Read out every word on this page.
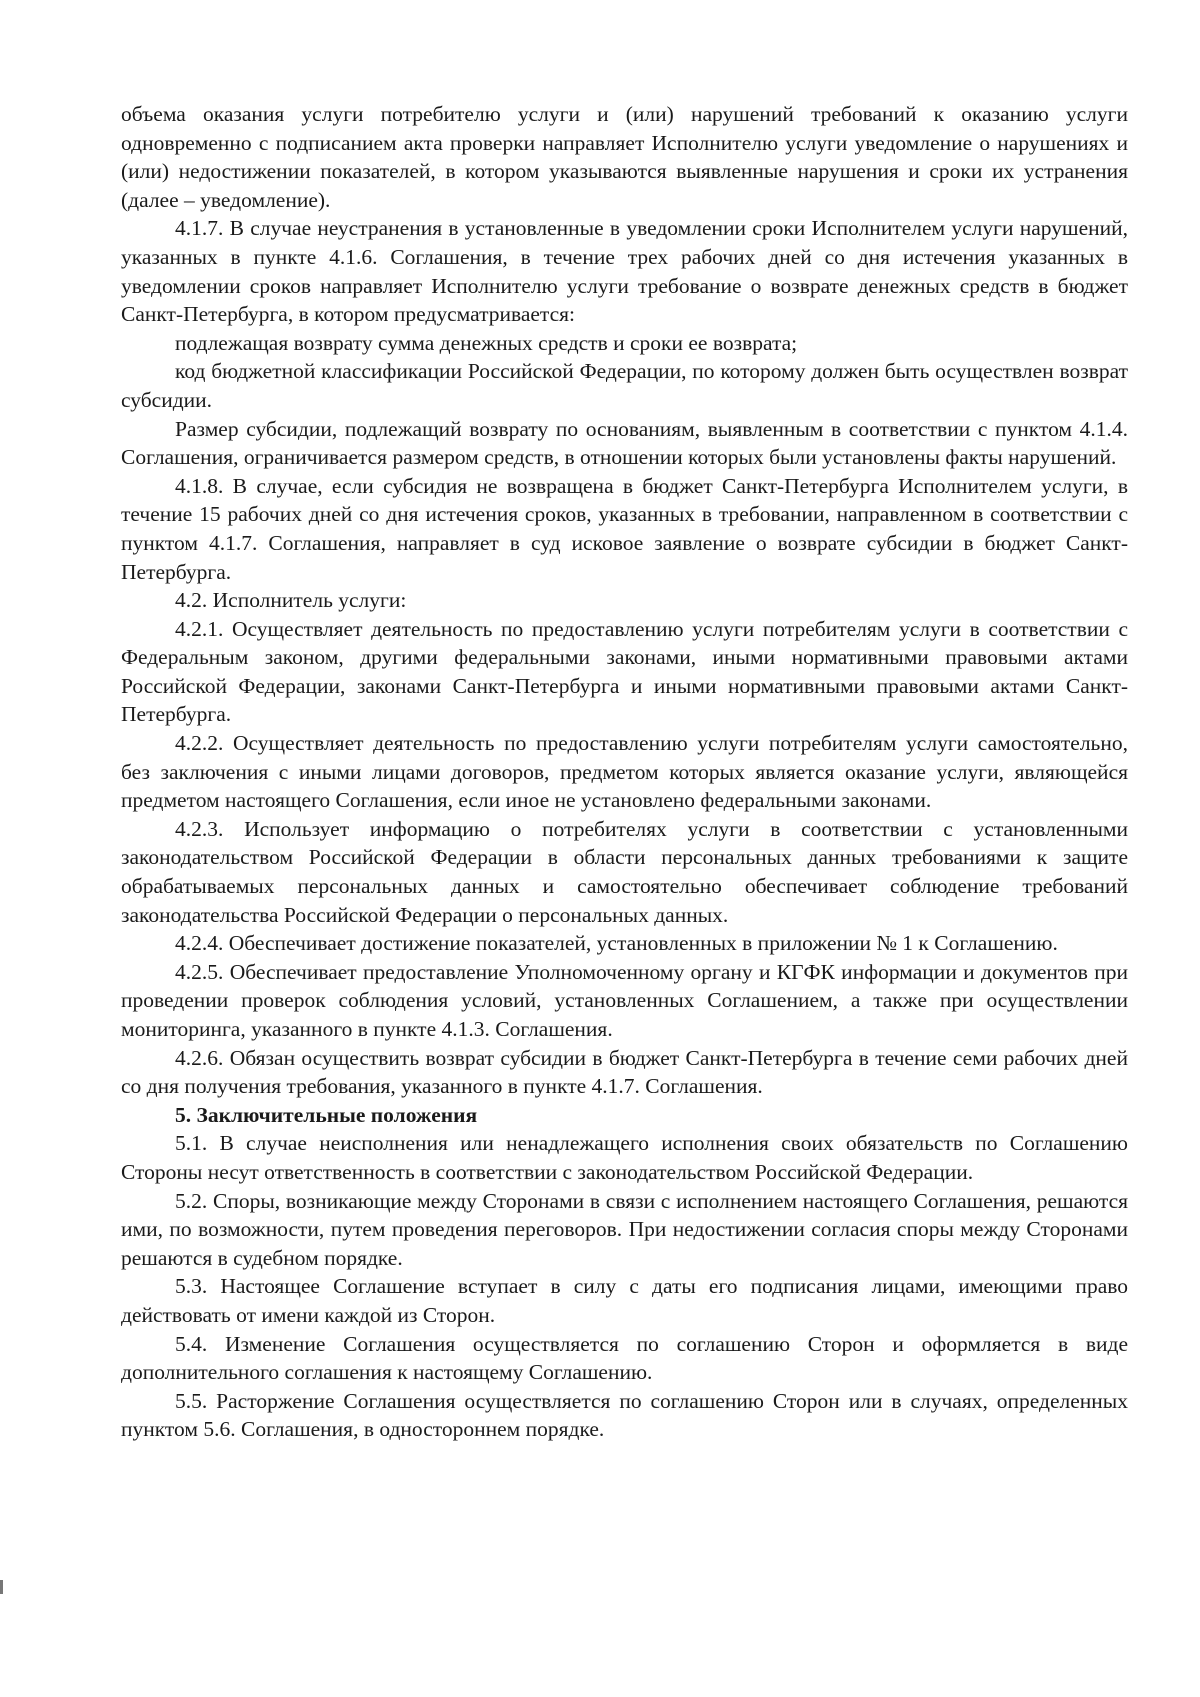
объема оказания услуги потребителю услуги и (или) нарушений требований к оказанию услуги одновременно с подписанием акта проверки направляет Исполнителю услуги уведомление о нарушениях и (или) недостижении показателей, в котором указываются выявленные нарушения и сроки их устранения (далее – уведомление).

4.1.7. В случае неустранения в установленные в уведомлении сроки Исполнителем услуги нарушений, указанных в пункте 4.1.6. Соглашения, в течение трех рабочих дней со дня истечения указанных в уведомлении сроков направляет Исполнителю услуги требование о возврате денежных средств в бюджет Санкт-Петербурга, в котором предусматривается:

подлежащая возврату сумма денежных средств и сроки ее возврата;

код бюджетной классификации Российской Федерации, по которому должен быть осуществлен возврат субсидии.

Размер субсидии, подлежащий возврату по основаниям, выявленным в соответствии с пунктом 4.1.4. Соглашения, ограничивается размером средств, в отношении которых были установлены факты нарушений.

4.1.8. В случае, если субсидия не возвращена в бюджет Санкт-Петербурга Исполнителем услуги, в течение 15 рабочих дней со дня истечения сроков, указанных в требовании, направленном в соответствии с пунктом 4.1.7. Соглашения, направляет в суд исковое заявление о возврате субсидии в бюджет Санкт-Петербурга.

4.2. Исполнитель услуги:

4.2.1. Осуществляет деятельность по предоставлению услуги потребителям услуги в соответствии с Федеральным законом, другими федеральными законами, иными нормативными правовыми актами Российской Федерации, законами Санкт-Петербурга и иными нормативными правовыми актами Санкт-Петербурга.

4.2.2. Осуществляет деятельность по предоставлению услуги потребителям услуги самостоятельно, без заключения с иными лицами договоров, предметом которых является оказание услуги, являющейся предметом настоящего Соглашения, если иное не установлено федеральными законами.

4.2.3. Использует информацию о потребителях услуги в соответствии с установленными законодательством Российской Федерации в области персональных данных требованиями к защите обрабатываемых персональных данных и самостоятельно обеспечивает соблюдение требований законодательства Российской Федерации о персональных данных.

4.2.4. Обеспечивает достижение показателей, установленных в приложении № 1 к Соглашению.

4.2.5. Обеспечивает предоставление Уполномоченному органу и КГФК информации и документов при проведении проверок соблюдения условий, установленных Соглашением, а также при осуществлении мониторинга, указанного в пункте 4.1.3. Соглашения.

4.2.6. Обязан осуществить возврат субсидии в бюджет Санкт-Петербурга в течение семи рабочих дней со дня получения требования, указанного в пункте 4.1.7. Соглашения.

5. Заключительные положения

5.1. В случае неисполнения или ненадлежащего исполнения своих обязательств по Соглашению Стороны несут ответственность в соответствии с законодательством Российской Федерации.

5.2. Споры, возникающие между Сторонами в связи с исполнением настоящего Соглашения, решаются ими, по возможности, путем проведения переговоров. При недостижении согласия споры между Сторонами решаются в судебном порядке.

5.3. Настоящее Соглашение вступает в силу с даты его подписания лицами, имеющими право действовать от имени каждой из Сторон.

5.4. Изменение Соглашения осуществляется по соглашению Сторон и оформляется в виде дополнительного соглашения к настоящему Соглашению.

5.5. Расторжение Соглашения осуществляется по соглашению Сторон или в случаях, определенных пунктом 5.6. Соглашения, в одностороннем порядке.
